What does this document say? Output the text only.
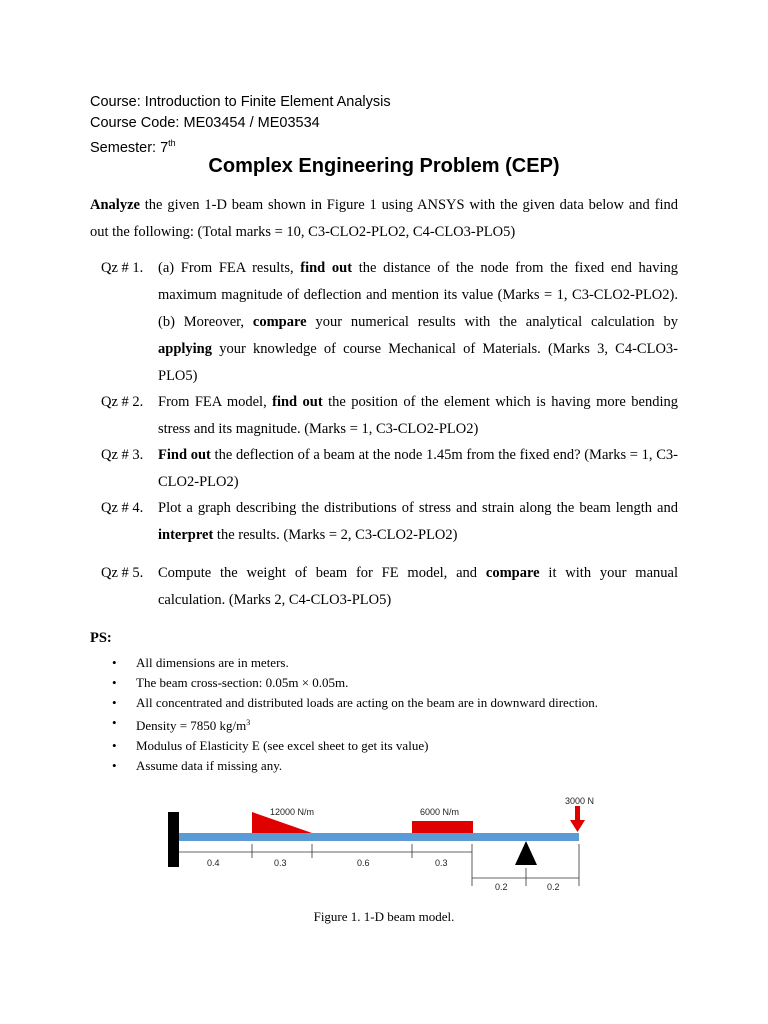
Course: Introduction to Finite Element Analysis
Course Code: ME03454 / ME03534
Semester: 7th
Complex Engineering Problem (CEP)

Analyze the given 1-D beam shown in Figure 1 using ANSYS with the given data below and find out the following: (Total marks = 10, C3-CLO2-PLO2, C4-CLO3-PLO5)

Qz # 1.	(a) From FEA results, find out the distance of the node from the fixed end having maximum magnitude of deflection and mention its value (Marks = 1, C3-CLO2-PLO2). (b) Moreover, compare your numerical results with the analytical calculation by applying your knowledge of course Mechanical of Materials. (Marks 3, C4-CLO3-PLO5)
Qz # 2.	From FEA model, find out the position of the element which is having more bending stress and its magnitude. (Marks = 1, C3-CLO2-PLO2)
Qz # 3.	Find out the deflection of a beam at the node 1.45m from the fixed end? (Marks = 1, C3-CLO2-PLO2)
Qz # 4.	Plot a graph describing the distributions of stress and strain along the beam length and interpret the results. (Marks = 2, C3-CLO2-PLO2)
Qz # 5.	Compute the weight of beam for FE model, and compare it with your manual calculation. (Marks 2, C4-CLO3-PLO5)
PS:
• All dimensions are in meters.
• The beam cross-section: 0.05m × 0.05m.
• All concentrated and distributed loads are acting on the beam are in downward direction.
• Density = 7850 $kg/m^3$
• Modulus of Elasticity E (see excel sheet to get its value)
• Assume data if missing any.
12000 N/m	6000 N/m
3000 N
0.4	0.3	0.6	0.3
0.2	0.2
Figure 1. 1-D beam model.
